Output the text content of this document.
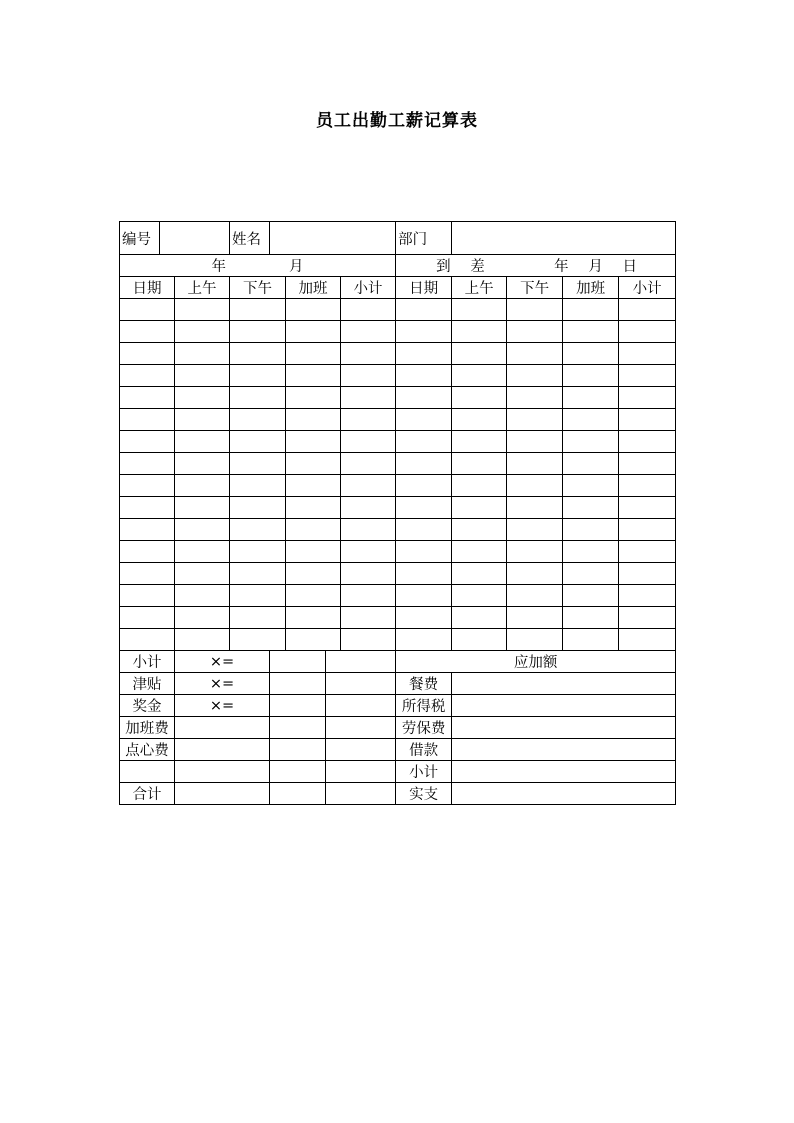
员工出勤工薪记算表
编号			姓名					部门				

年 月								到 差 年 月 日				

日期		上午	下午		加班		小计	日期	上午	下午	加班	小计

小计		×=						应加额				
津贴		×=						餐费				
奖金		×=						所得税				
加班费								劳保费				
点心费								借款				
								小计				
合计								实支				
